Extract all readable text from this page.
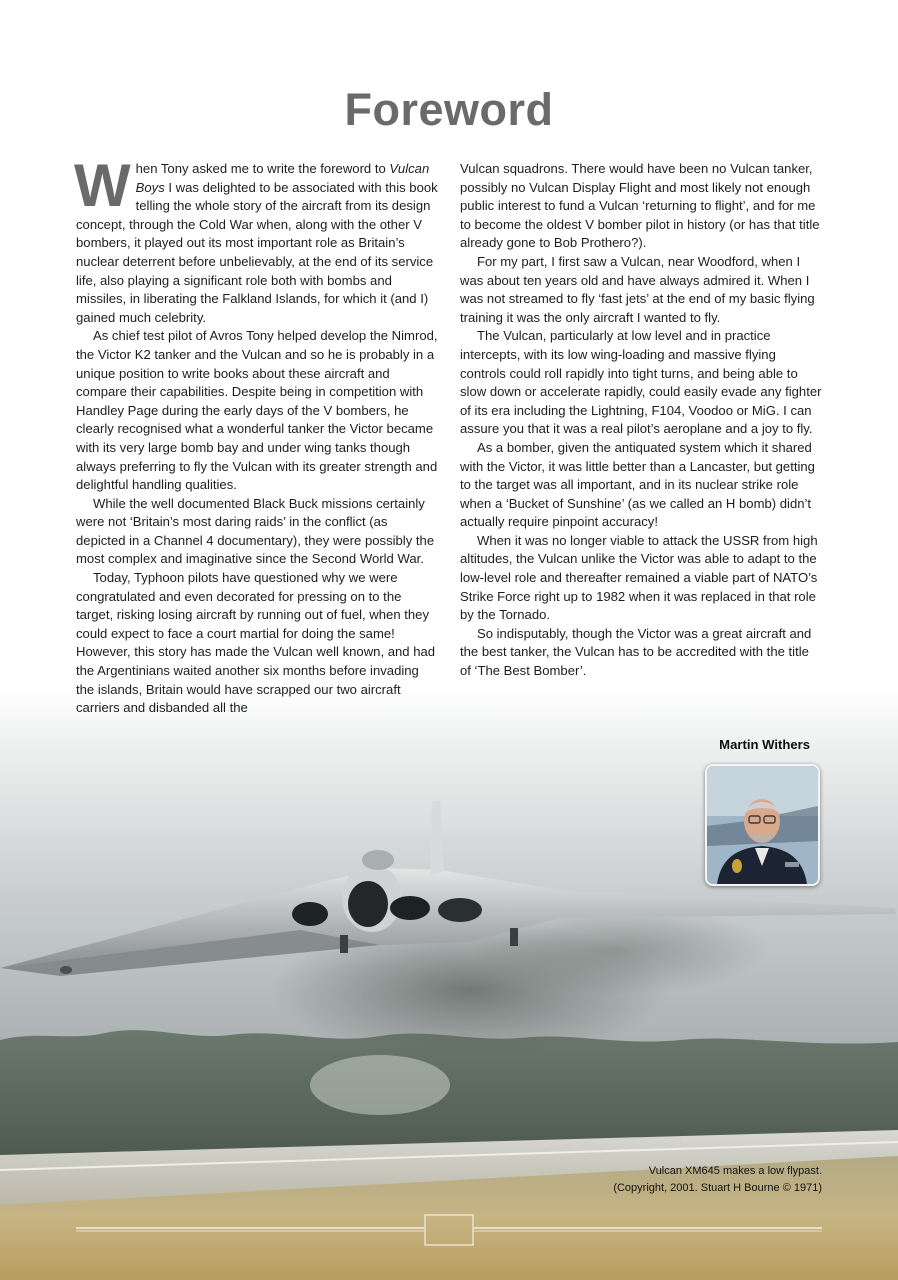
Foreword

When Tony asked me to write the foreword to Vulcan Boys I was delighted to be associated with this book telling the whole story of the aircraft from its design concept, through the Cold War when, along with the other V bombers, it played out its most important role as Britain’s nuclear deterrent before unbelievably, at the end of its service life, also playing a significant role both with bombs and missiles, in liberating the Falkland Islands, for which it (and I) gained much celebrity.

As chief test pilot of Avros Tony helped develop the Nimrod, the Victor K2 tanker and the Vulcan and so he is probably in a unique position to write books about these aircraft and compare their capabilities. Despite being in competition with Handley Page during the early days of the V bombers, he clearly recognised what a wonderful tanker the Victor became with its very large bomb bay and under wing tanks though always preferring to fly the Vulcan with its greater strength and delightful handling qualities.

While the well documented Black Buck missions certainly were not ‘Britain’s most daring raids’ in the conflict (as depicted in a Channel 4 documentary), they were possibly the most complex and imaginative since the Second World War.

Today, Typhoon pilots have questioned why we were congratulated and even decorated for pressing on to the target, risking losing aircraft by running out of fuel, when they could expect to face a court martial for doing the same! However, this story has made the Vulcan well known, and had the Argentinians waited another six months before invading the islands, Britain would have scrapped our two aircraft carriers and disbanded all the

Vulcan squadrons. There would have been no Vulcan tanker, possibly no Vulcan Display Flight and most likely not enough public interest to fund a Vulcan ‘returning to flight’, and for me to become the oldest V bomber pilot in history (or has that title already gone to Bob Prothero?).

For my part, I first saw a Vulcan, near Woodford, when I was about ten years old and have always admired it. When I was not streamed to fly ‘fast jets’ at the end of my basic flying training it was the only aircraft I wanted to fly.

The Vulcan, particularly at low level and in practice intercepts, with its low wing-loading and massive flying controls could roll rapidly into tight turns, and being able to slow down or accelerate rapidly, could easily evade any fighter of its era including the Lightning, F104, Voodoo or MiG. I can assure you that it was a real pilot’s aeroplane and a joy to fly.

As a bomber, given the antiquated system which it shared with the Victor, it was little better than a Lancaster, but getting to the target was all important, and in its nuclear strike role when a ‘Bucket of Sunshine’ (as we called an H bomb) didn’t actually require pinpoint accuracy!

When it was no longer viable to attack the USSR from high altitudes, the Vulcan unlike the Victor was able to adapt to the low-level role and thereafter remained a viable part of NATO’s Strike Force right up to 1982 when it was replaced in that role by the Tornado.

So indisputably, though the Victor was a great aircraft and the best tanker, the Vulcan has to be accredited with the title of ‘The Best Bomber’.

Martin Withers
Vulcan XM645 makes a low flypast.
(Copyright, 2001. Stuart H Bourne © 1971)
